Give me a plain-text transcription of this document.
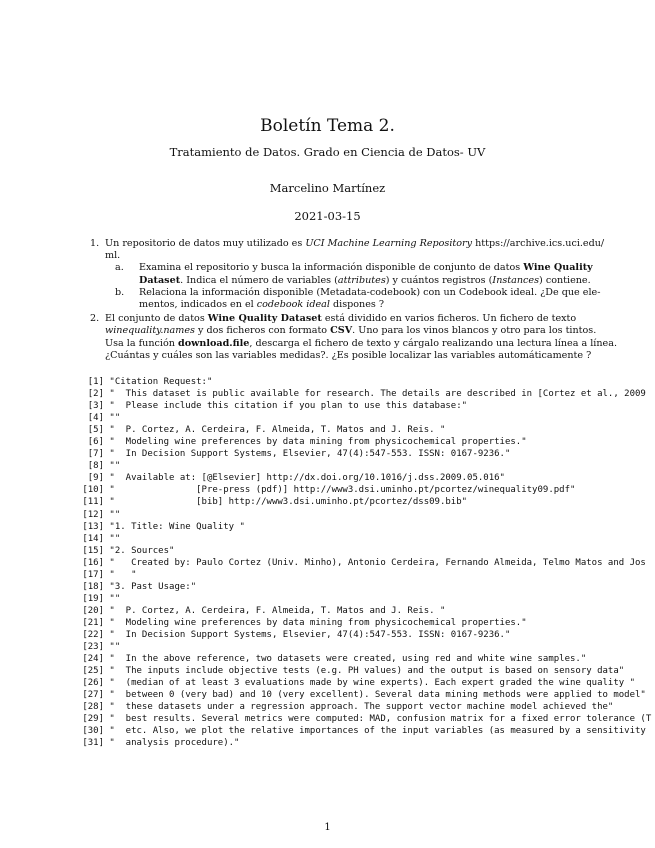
Boletín Tema 2.
Tratamiento de Datos. Grado en Ciencia de Datos- UV
Marcelino Martínez
2021-03-15
1. Un repositorio de datos muy utilizado es UCI Machine Learning Repository https://archive.ics.uci.edu/
ml.
a. Examina el repositorio y busca la información disponible de conjunto de datos Wine Quality
Dataset. Indica el número de variables (attributes) y cuántos registros (Instances) contiene.
b. Relaciona la información disponible (Metadata-codebook) con un Codebook ideal. ¿De que ele-
mentos, indicados en el codebook ideal dispones ?
2. El conjunto de datos Wine Quality Dataset está dividido en varios ficheros. Un fichero de texto
winequality.names y dos ficheros con formato CSV. Uno para los vinos blancos y otro para los tintos.
Usa la función download.file, descarga el fichero de texto y cárgalo realizando una lectura línea a línea.
¿Cuántas y cuáles son las variables medidas?. ¿Es posible localizar las variables automáticamente ?
[1] "Citation Request:"
[2] "  This dataset is public available for research. The details are described in [Cortez et al., 2009
[3] "  Please include this citation if you plan to use this database:"
[4] ""
[5] "  P. Cortez, A. Cerdeira, F. Almeida, T. Matos and J. Reis. "
[6] "  Modeling wine preferences by data mining from physicochemical properties."
[7] "  In Decision Support Systems, Elsevier, 47(4):547-553. ISSN: 0167-9236."
[8] ""
[9] "  Available at: [@Elsevier] http://dx.doi.org/10.1016/j.dss.2009.05.016"
[10] "               [Pre-press (pdf)] http://www3.dsi.uminho.pt/pcortez/winequality09.pdf"
[11] "               [bib] http://www3.dsi.uminho.pt/pcortez/dss09.bib"
[12] ""
[13] "1. Title: Wine Quality "
[14] ""
[15] "2. Sources"
[16] "   Created by: Paulo Cortez (Univ. Minho), Antonio Cerdeira, Fernando Almeida, Telmo Matos and Jos
[17] "   "
[18] "3. Past Usage:"
[19] ""
[20] "  P. Cortez, A. Cerdeira, F. Almeida, T. Matos and J. Reis. "
[21] "  Modeling wine preferences by data mining from physicochemical properties."
[22] "  In Decision Support Systems, Elsevier, 47(4):547-553. ISSN: 0167-9236."
[23] ""
[24] "  In the above reference, two datasets were created, using red and white wine samples."
[25] "  The inputs include objective tests (e.g. PH values) and the output is based on sensory data"
[26] "  (median of at least 3 evaluations made by wine experts). Each expert graded the wine quality "
[27] "  between 0 (very bad) and 10 (very excellent). Several data mining methods were applied to model"
[28] "  these datasets under a regression approach. The support vector machine model achieved the"
[29] "  best results. Several metrics were computed: MAD, confusion matrix for a fixed error tolerance (T
[30] "  etc. Also, we plot the relative importances of the input variables (as measured by a sensitivity
[31] "  analysis procedure)."
1
